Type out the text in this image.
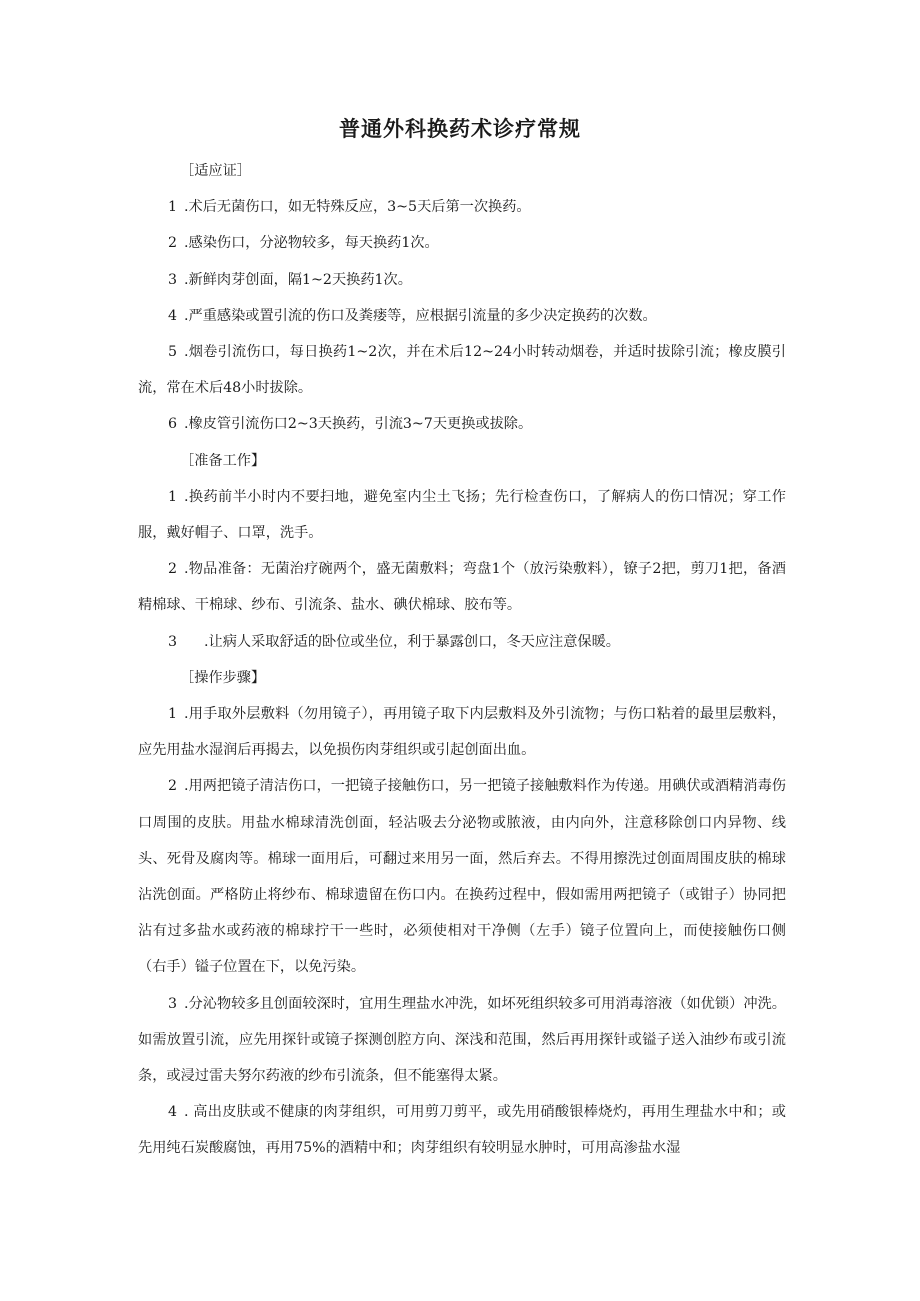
普通外科换药术诊疗常规

［适应证］

1 .术后无菌伤口，如无特殊反应，3~5天后第一次换药。

2 .感染伤口，分泌物较多，每天换药1次。

3 .新鲜肉芽创面，隔1~2天换药1次。

4 .严重感染或置引流的伤口及粪瘘等，应根据引流量的多少决定换药的次数。

5 .烟卷引流伤口，每日换药1~2次，并在术后12~24小时转动烟卷，并适时拔除引流；橡皮膜引流，常在术后48小时拔除。

6 .橡皮管引流伤口2~3天换药，引流3~7天更换或拔除。

［准备工作】

1 .换药前半小时内不要扫地，避免室内尘土飞扬；先行检查伤口，了解病人的伤口情况；穿工作服，戴好帽子、口罩，洗手。

2 .物品准备：无菌治疗碗两个，盛无菌敷料；弯盘1个（放污染敷料），镣子2把，剪刀1把，备酒精棉球、干棉球、纱布、引流条、盐水、碘伏棉球、胶布等。

3 .让病人采取舒适的卧位或坐位，利于暴露创口，冬天应注意保暖。

［操作步骤】

1 .用手取外层敷料（勿用镜子），再用镜子取下内层敷料及外引流物；与伤口粘着的最里层敷料，应先用盐水湿润后再揭去，以免损伤肉芽组织或引起创面出血。

2 .用两把镜子清洁伤口，一把镜子接触伤口，另一把镜子接触敷料作为传递。用碘伏或酒精消毒伤口周围的皮肤。用盐水棉球清洗创面，轻沾吸去分泌物或脓液，由内向外，注意移除创口内异物、线头、死骨及腐肉等。棉球一面用后，可翻过来用另一面，然后弃去。不得用擦洗过创面周围皮肤的棉球沾洗创面。严格防止将纱布、棉球遗留在伤口内。在换药过程中，假如需用两把镜子（或钳子）协同把沾有过多盐水或药液的棉球拧干一些时，必须使相对干净侧（左手）镜子位置向上，而使接触伤口侧（右手）镒子位置在下，以免污染。

3 .分沁物较多且创面较深时，宜用生理盐水冲洗，如坏死组织较多可用消毒溶液（如优锁）冲洗。如需放置引流，应先用探针或镜子探测创腔方向、深浅和范围，然后再用探针或镒子送入油纱布或引流条，或浸过雷夫努尔药液的纱布引流条，但不能塞得太紧。

4 . 高出皮肤或不健康的肉芽组织，可用剪刀剪平，或先用硝酸银棒烧灼，再用生理盐水中和；或先用纯石炭酸腐蚀，再用75%的酒精中和；肉芽组织有较明显水肿时，可用高渗盐水湿
